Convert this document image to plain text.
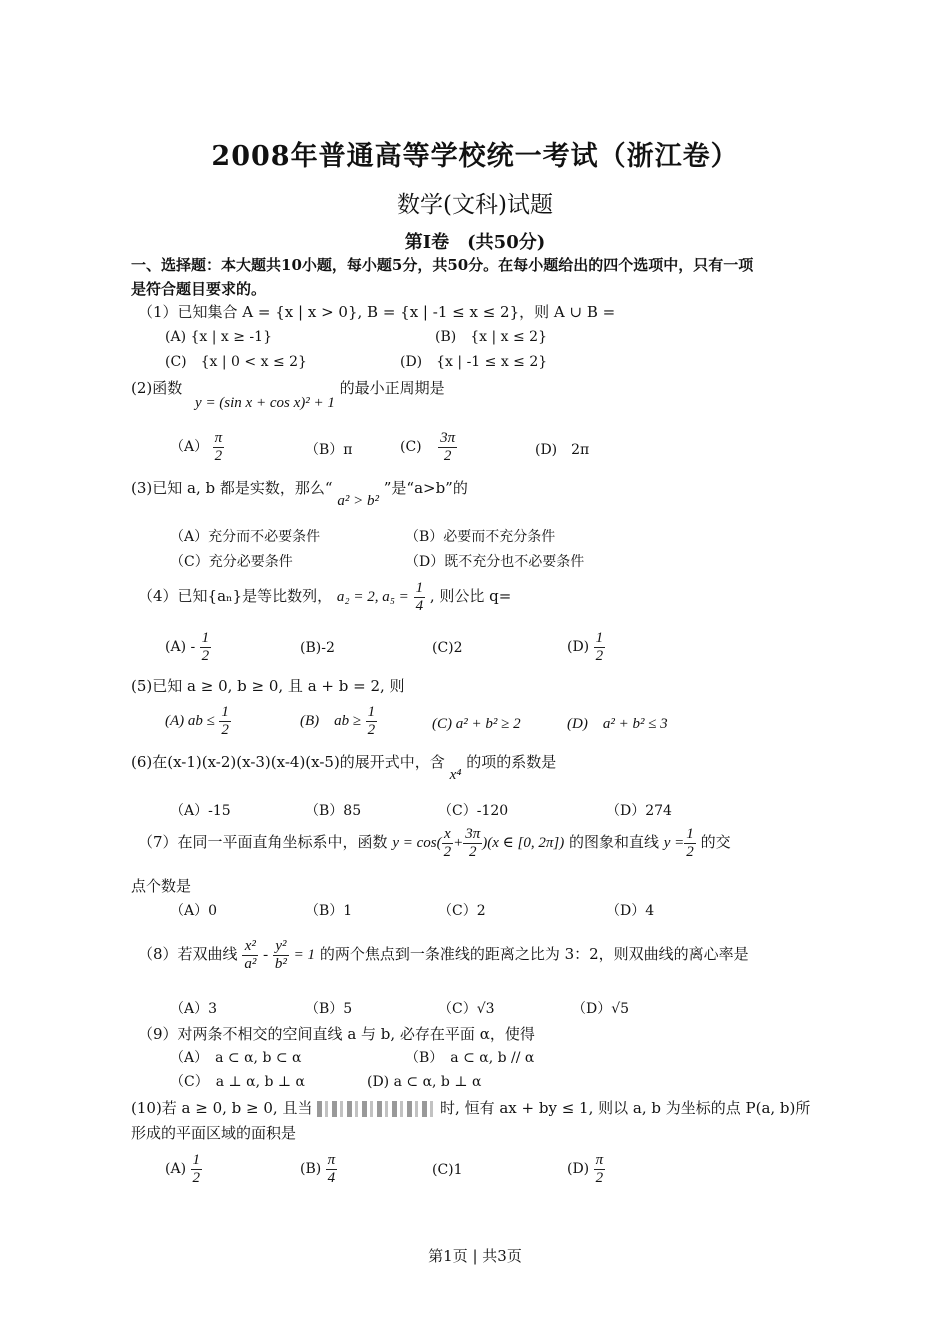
2008年普通高等学校统一考试（浙江卷）
数学(文科)试题
第Ⅰ卷　(共50分)
一、选择题：本大题共10小题，每小题5分，共50分。在每小题给出的四个选项中，只有一项
是符合题目要求的。
（1）已知集合 A = {x | x > 0}, B = {x | -1 ≤ x ≤ 2}，则 A ∪ B =
(A) {x | x ≥ -1}	(B)　{x | x ≤ 2}
(C)　{x | 0 < x ≤ 2}	(D)　{x | -1 ≤ x ≤ 2}
(2)函数 y = (sin x + cos x)² + 1 的最小正周期是
$(A) \frac{\pi}{2}$	（B）π	$(C) \frac{3\pi}{2}$	(D)　2π
(3)已知 a, b 都是实数，那么“ a² > b² ”是“a>b”的
（A）充分而不必要条件	（B）必要而不充分条件
（C）充分必要条件	（D）既不充分也不必要条件
（4）已知{aₙ}是等比数列， a₂ = 2, $a_5 = \frac{1}{4}$ , 则公比 q=
$(A) - \frac{1}{2}$	(B)-2	(C)2	$(D) \frac{1}{2}$
(5)已知 a ≥ 0, b ≥ 0, 且 a + b = 2, 则
(A) ab ≤ $\frac{1}{2}$	(B)　ab ≥ $\frac{1}{2}$	(C) a² + b² ≥ 2	(D)　a² + b² ≤ 3
(6)在(x-1)(x-2)(x-3)(x-4)(x-5)的展开式中，含 x⁴ 的项的系数是
（A）-15	（B）85	（C）-120	（D）274
（7）在同一平面直角坐标系中，函数 $y = \cos( \frac{x}{2} + \frac{3\pi}{2} )(x$ ∈ [0, 2π]) 的图象和直线 $y = \frac{1}{2}$ 的交
点个数是
（A）0	（B）1	（C）2	（D）4
（8）若双曲线 $\frac{\text{x²}}{\text{a²}} - \frac{\text{y²}}{\text{b²}} = 1$ 的两个焦点到一条准线的距离之比为 3：2，则双曲线的离心率是
（A）3	（B）5	（C）√3	（D）√5
（9）对两条不相交的空间直线 a 与 b, 必存在平面 α，使得
（A）　a ⊂ α, b ⊂ α	（B）　a ⊂ α, b // α
（C）　a ⊥ α, b ⊥ α	(D) a ⊂ α, b ⊥ α
(10)若 a ≥ 0, b ≥ 0, 且当	时, 恒有 ax + by ≤ 1, 则以 a, b 为坐标的点 P(a, b)所
形成的平面区域的面积是
$(A) \frac{1}{2}$	$(B) \frac{\pi}{4}$	(C)1	$(D) \frac{\pi}{2}$
第1页 | 共3页
